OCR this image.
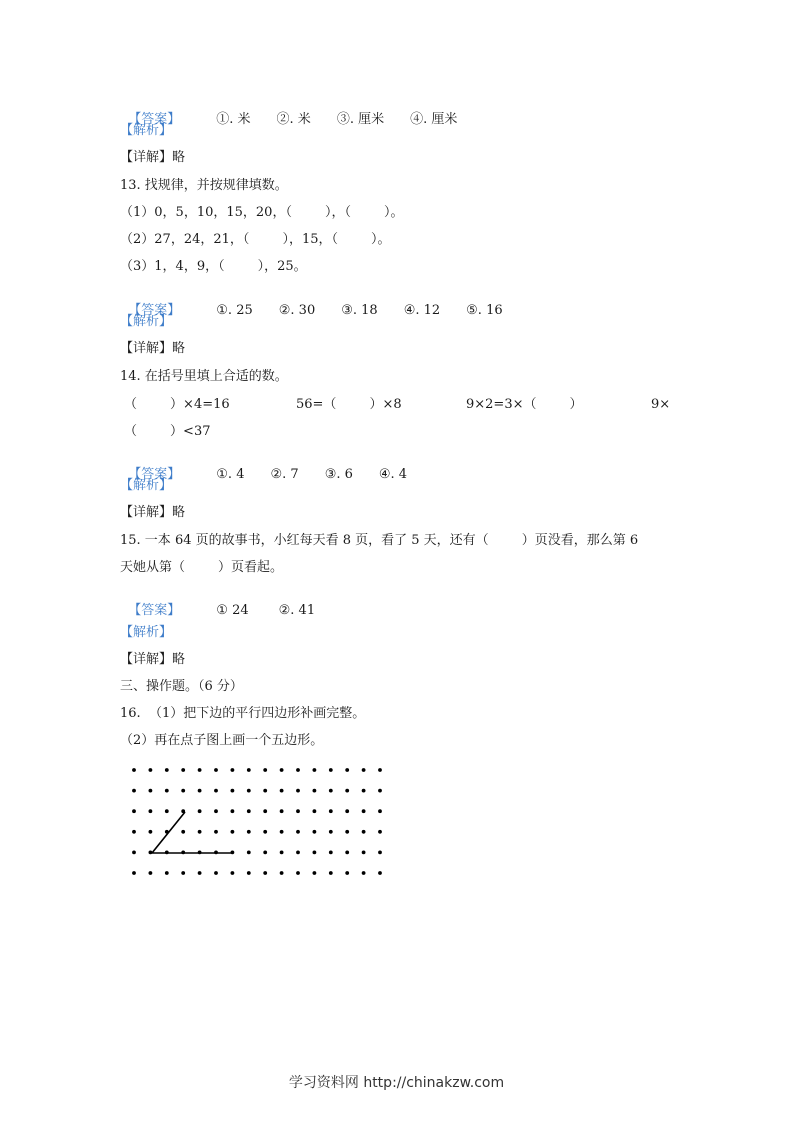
【答案】	①. 米 ②. 米 ③. 厘米 ④. 厘米

【解析】
【详解】略
13. 找规律，并按规律填数。
（1）0，5，10，15，20，（        ），（        ）。
（2）27，24，21，（        ），15，（        ）。
（3）1，4，9，（        ），25。

【答案】	①. 25 ②. 30 ③. 18 ④. 12 ⑤. 16

【解析】
【详解】略
14. 在括号里填上合适的数。
（        ）×4=16	56=（        ）×8	9×2=3×（        ）	9×
（        ）<37

【答案】	①. 4 ②. 7 ③. 6 ④. 4

【解析】
【详解】略
15. 一本 64 页的故事书，小红每天看 8 页，看了 5 天，还有（        ）页没看，那么第 6
天她从第（        ）页看起。

【答案】	① 24 ②. 41

【解析】
【详解】略
三、操作题。（6 分）
16.  （1）把下边的平行四边形补画完整。
（2）再在点子图上画一个五边形。
学习资料网 http://chinakzw.com
